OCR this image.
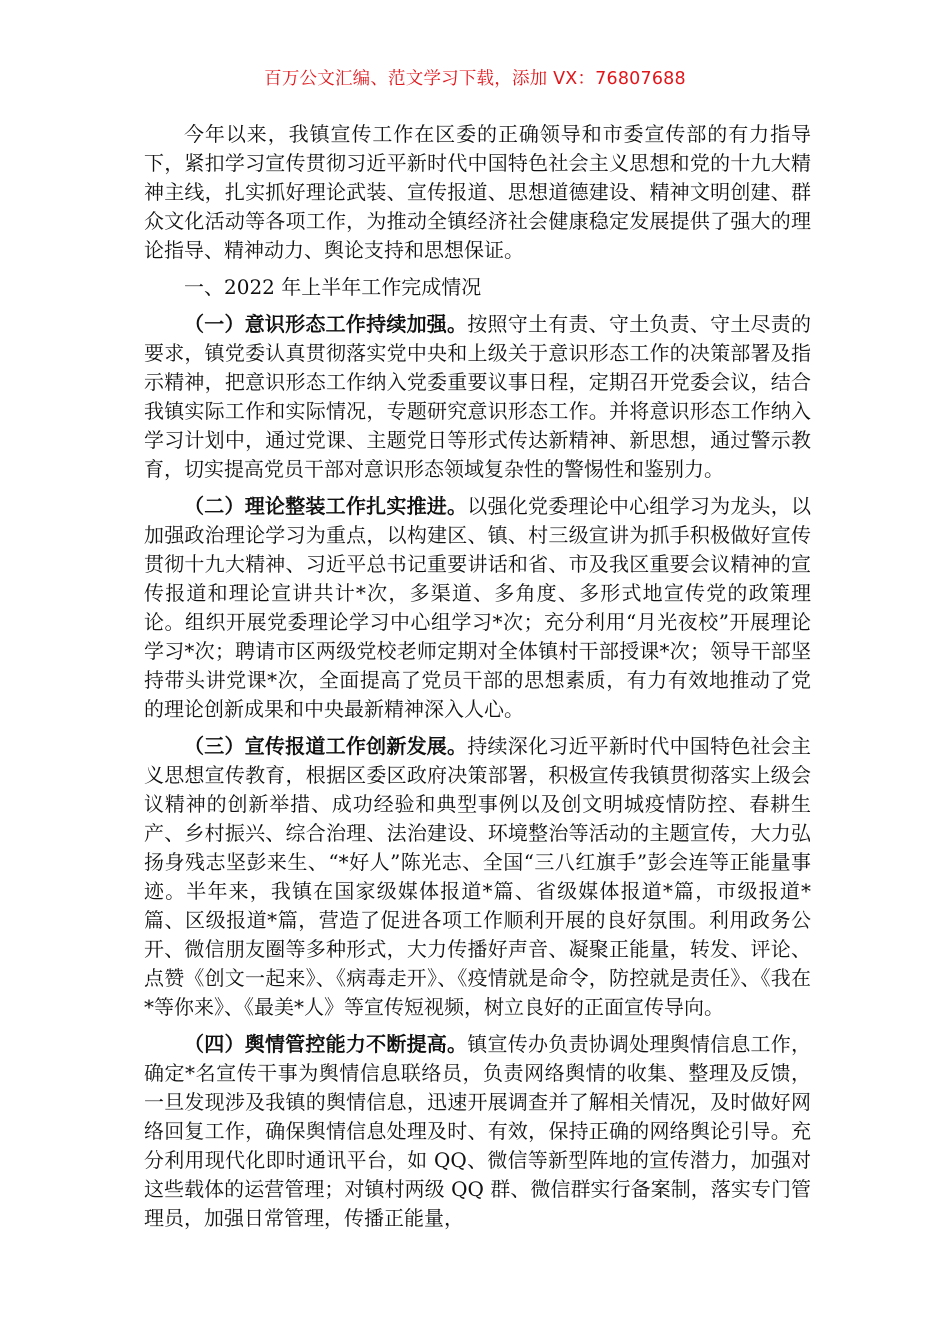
百万公文汇编、范文学习下载，添加 VX：76807688

今年以来，我镇宣传工作在区委的正确领导和市委宣传部的有力指导下，紧扣学习宣传贯彻习近平新时代中国特色社会主义思想和党的十九大精神主线，扎实抓好理论武装、宣传报道、思想道德建设、精神文明创建、群众文化活动等各项工作，为推动全镇经济社会健康稳定发展提供了强大的理论指导、精神动力、舆论支持和思想保证。

一、2022 年上半年工作完成情况

（一）意识形态工作持续加强。按照守土有责、守土负责、守土尽责的要求，镇党委认真贯彻落实党中央和上级关于意识形态工作的决策部署及指示精神，把意识形态工作纳入党委重要议事日程，定期召开党委会议，结合我镇实际工作和实际情况，专题研究意识形态工作。并将意识形态工作纳入学习计划中，通过党课、主题党日等形式传达新精神、新思想，通过警示教育，切实提高党员干部对意识形态领域复杂性的警惕性和鉴别力。

（二）理论整装工作扎实推进。以强化党委理论中心组学习为龙头，以加强政治理论学习为重点，以构建区、镇、村三级宣讲为抓手积极做好宣传贯彻十九大精神、习近平总书记重要讲话和省、市及我区重要会议精神的宣传报道和理论宣讲共计*次，多渠道、多角度、多形式地宣传党的政策理论。组织开展党委理论学习中心组学习*次；充分利用“月光夜校”开展理论学习*次；聘请市区两级党校老师定期对全体镇村干部授课*次；领导干部坚持带头讲党课*次，全面提高了党员干部的思想素质，有力有效地推动了党的理论创新成果和中央最新精神深入人心。

（三）宣传报道工作创新发展。持续深化习近平新时代中国特色社会主义思想宣传教育，根据区委区政府决策部署，积极宣传我镇贯彻落实上级会议精神的创新举措、成功经验和典型事例以及创文明城疫情防控、春耕生产、乡村振兴、综合治理、法治建设、环境整治等活动的主题宣传，大力弘扬身残志坚彭来生、“*好人”陈光志、全国“三八红旗手”彭会连等正能量事迹。半年来，我镇在国家级媒体报道*篇、省级媒体报道*篇，市级报道*篇、区级报道*篇，营造了促进各项工作顺利开展的良好氛围。利用政务公开、微信朋友圈等多种形式，大力传播好声音、凝聚正能量，转发、评论、点赞《创文一起来》、《病毒走开》、《疫情就是命令，防控就是责任》、《我在*等你来》、《最美*人》等宣传短视频，树立良好的正面宣传导向。

（四）舆情管控能力不断提高。镇宣传办负责协调处理舆情信息工作，确定*名宣传干事为舆情信息联络员，负责网络舆情的收集、整理及反馈，一旦发现涉及我镇的舆情信息，迅速开展调查并了解相关情况，及时做好网络回复工作，确保舆情信息处理及时、有效，保持正确的网络舆论引导。充分利用现代化即时通讯平台，如 QQ、微信等新型阵地的宣传潜力，加强对这些载体的运营管理；对镇村两级 QQ 群、微信群实行备案制，落实专门管理员，加强日常管理，传播正能量，
